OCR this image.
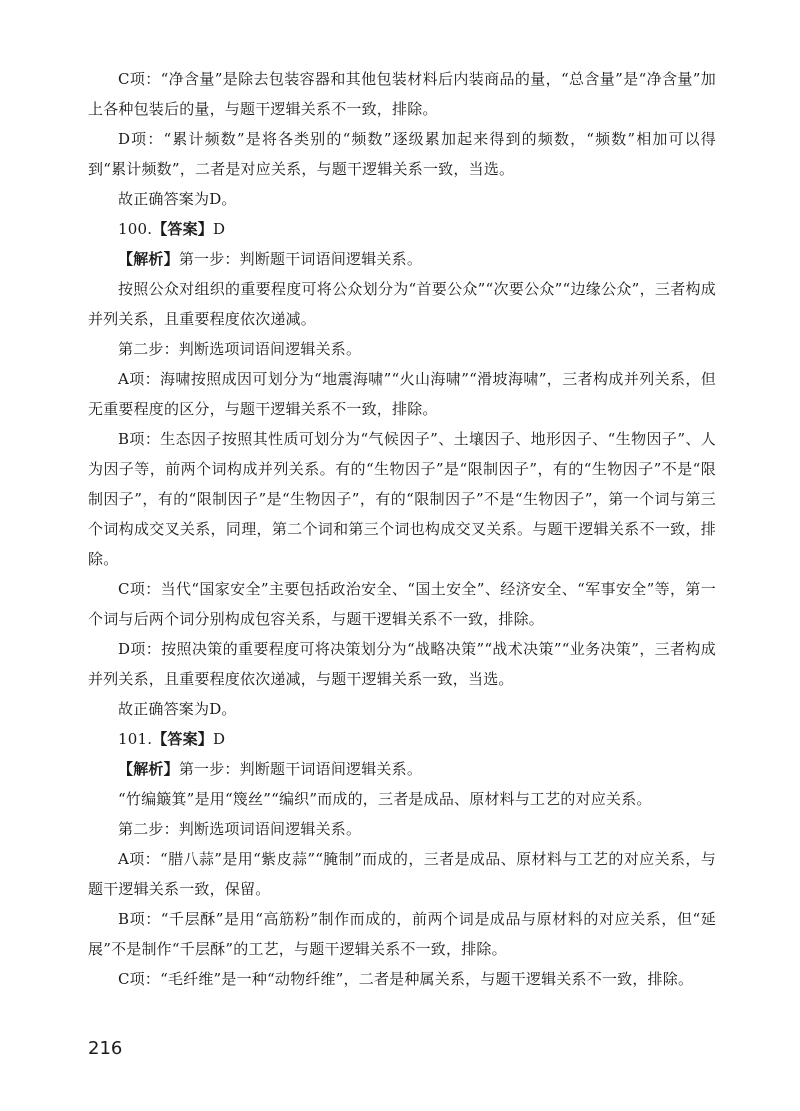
C项：“净含量”是除去包装容器和其他包装材料后内装商品的量，“总含量”是“净含量”加上各种包装后的量，与题干逻辑关系不一致，排除。

D项：“累计频数”是将各类别的“频数”逐级累加起来得到的频数，“频数”相加可以得到“累计频数”，二者是对应关系，与题干逻辑关系一致，当选。

故正确答案为D。

100.【答案】D

【解析】第一步：判断题干词语间逻辑关系。

按照公众对组织的重要程度可将公众划分为“首要公众”“次要公众”“边缘公众”，三者构成并列关系，且重要程度依次递减。

第二步：判断选项词语间逻辑关系。

A项：海啸按照成因可划分为“地震海啸”“火山海啸”“滑坡海啸”，三者构成并列关系，但无重要程度的区分，与题干逻辑关系不一致，排除。

B项：生态因子按照其性质可划分为“气候因子”、土壤因子、地形因子、“生物因子”、人为因子等，前两个词构成并列关系。有的“生物因子”是“限制因子”，有的“生物因子”不是“限制因子”，有的“限制因子”是“生物因子”，有的“限制因子”不是“生物因子”，第一个词与第三个词构成交叉关系，同理，第二个词和第三个词也构成交叉关系。与题干逻辑关系不一致，排除。

C项：当代“国家安全”主要包括政治安全、“国土安全”、经济安全、“军事安全”等，第一个词与后两个词分别构成包容关系，与题干逻辑关系不一致，排除。

D项：按照决策的重要程度可将决策划分为“战略决策”“战术决策”“业务决策”，三者构成并列关系，且重要程度依次递减，与题干逻辑关系一致，当选。

故正确答案为D。

101.【答案】D

【解析】第一步：判断题干词语间逻辑关系。

“竹编簸箕”是用“篾丝”“编织”而成的，三者是成品、原材料与工艺的对应关系。

第二步：判断选项词语间逻辑关系。

A项：“腊八蒜”是用“紫皮蒜”“腌制”而成的，三者是成品、原材料与工艺的对应关系，与题干逻辑关系一致，保留。

B项：“千层酥”是用“高筋粉”制作而成的，前两个词是成品与原材料的对应关系，但“延展”不是制作“千层酥”的工艺，与题干逻辑关系不一致，排除。

C项：“毛纤维”是一种“动物纤维”，二者是种属关系，与题干逻辑关系不一致，排除。

216
